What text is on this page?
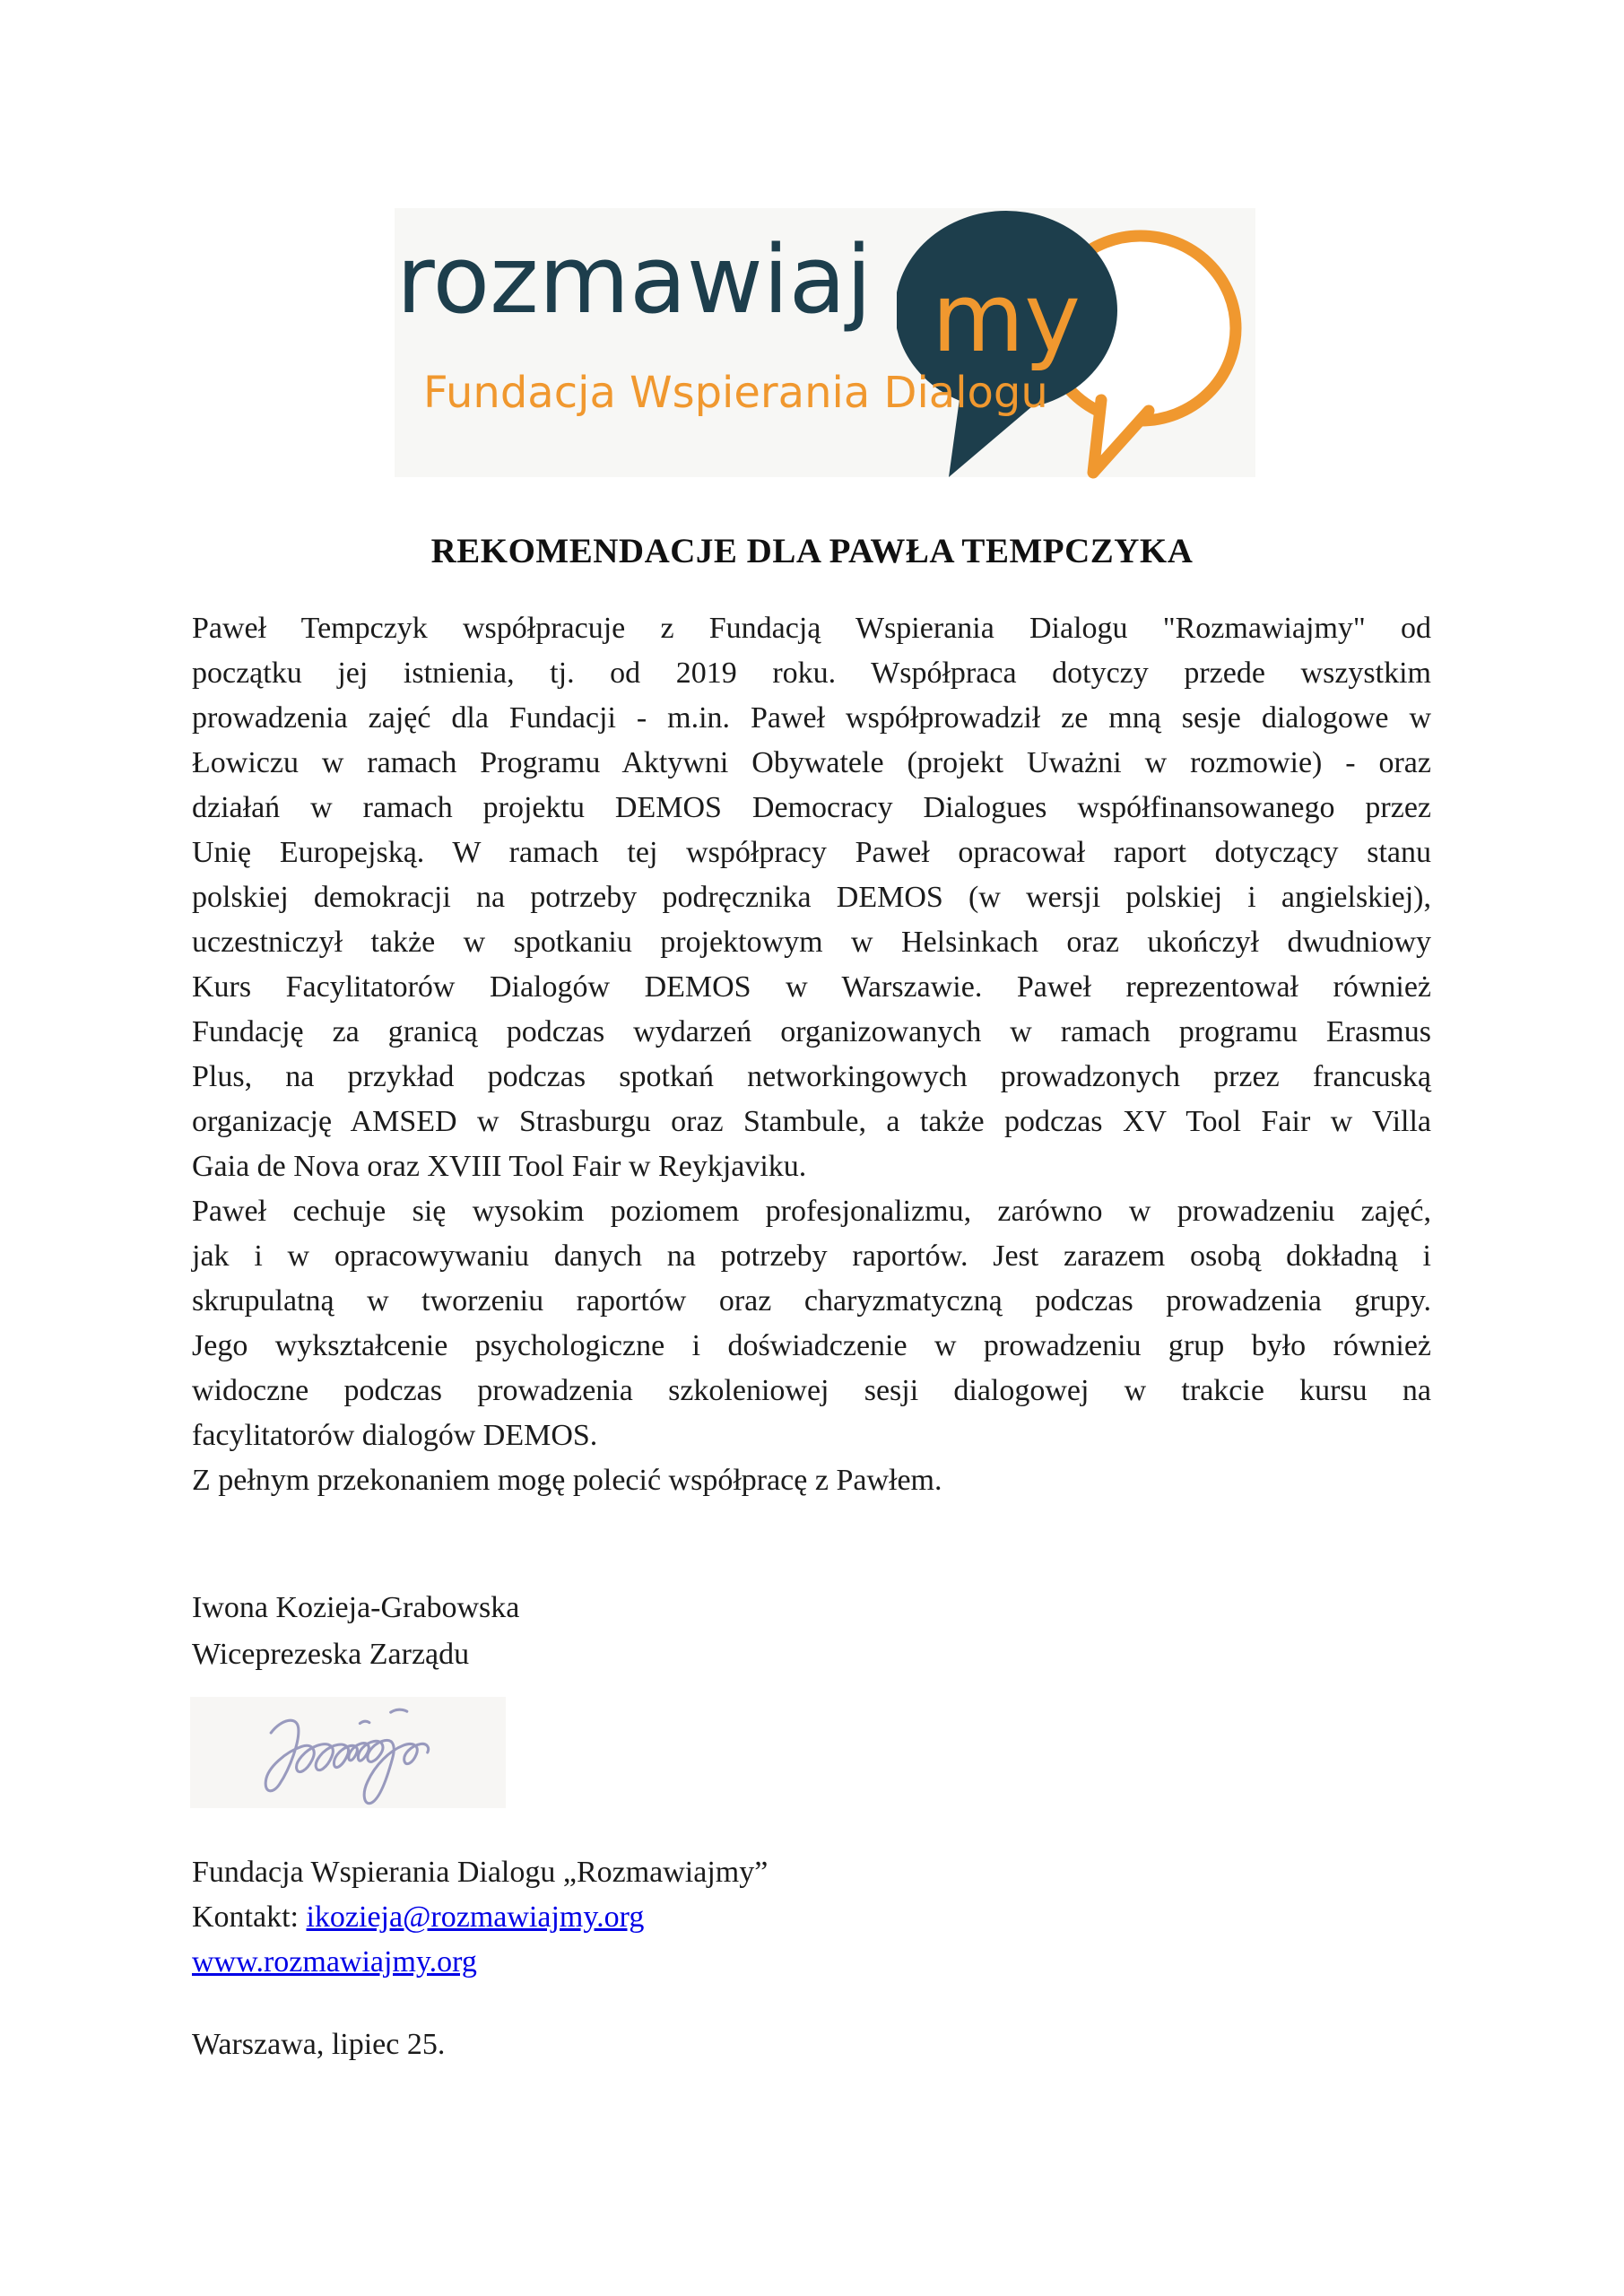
rozmawiaj my
Fundacja Wspierania Dialogu
REKOMENDACJE DLA PAWŁA TEMPCZYKA
Paweł Tempczyk współpracuje z Fundacją Wspierania Dialogu "Rozmawiajmy" od
początku jej istnienia, tj. od 2019 roku. Współpraca dotyczy przede wszystkim
prowadzenia zajęć dla Fundacji - m.in. Paweł współprowadził ze mną sesje dialogowe w
Łowiczu w ramach Programu Aktywni Obywatele (projekt Uważni w rozmowie) - oraz
działań w ramach projektu DEMOS Democracy Dialogues współfinansowanego przez
Unię Europejską. W ramach tej współpracy Paweł opracował raport dotyczący stanu
polskiej demokracji na potrzeby podręcznika DEMOS (w wersji polskiej i angielskiej),
uczestniczył także w spotkaniu projektowym w Helsinkach oraz ukończył dwudniowy
Kurs Facylitatorów Dialogów DEMOS w Warszawie. Paweł reprezentował również
Fundację za granicą podczas wydarzeń organizowanych w ramach programu Erasmus
Plus, na przykład podczas spotkań networkingowych prowadzonych przez francuską
organizację AMSED w Strasburgu oraz Stambule, a także podczas XV Tool Fair w Villa
Gaia de Nova oraz XVIII Tool Fair w Reykjaviku.
Paweł cechuje się wysokim poziomem profesjonalizmu, zarówno w prowadzeniu zajęć,
jak i w opracowywaniu danych na potrzeby raportów. Jest zarazem osobą dokładną i
skrupulatną w tworzeniu raportów oraz charyzmatyczną podczas prowadzenia grupy.
Jego wykształcenie psychologiczne i doświadczenie w prowadzeniu grup było również
widoczne podczas prowadzenia szkoleniowej sesji dialogowej w trakcie kursu na
facylitatorów dialogów DEMOS.
Z pełnym przekonaniem mogę polecić współpracę z Pawłem.
Iwona Kozieja-Grabowska
Wiceprezeska Zarządu
Fundacja Wspierania Dialogu „Rozmawiajmy”
Kontakt: ikozieja@rozmawiajmy.org
www.rozmawiajmy.org
Warszawa, lipiec 25.
